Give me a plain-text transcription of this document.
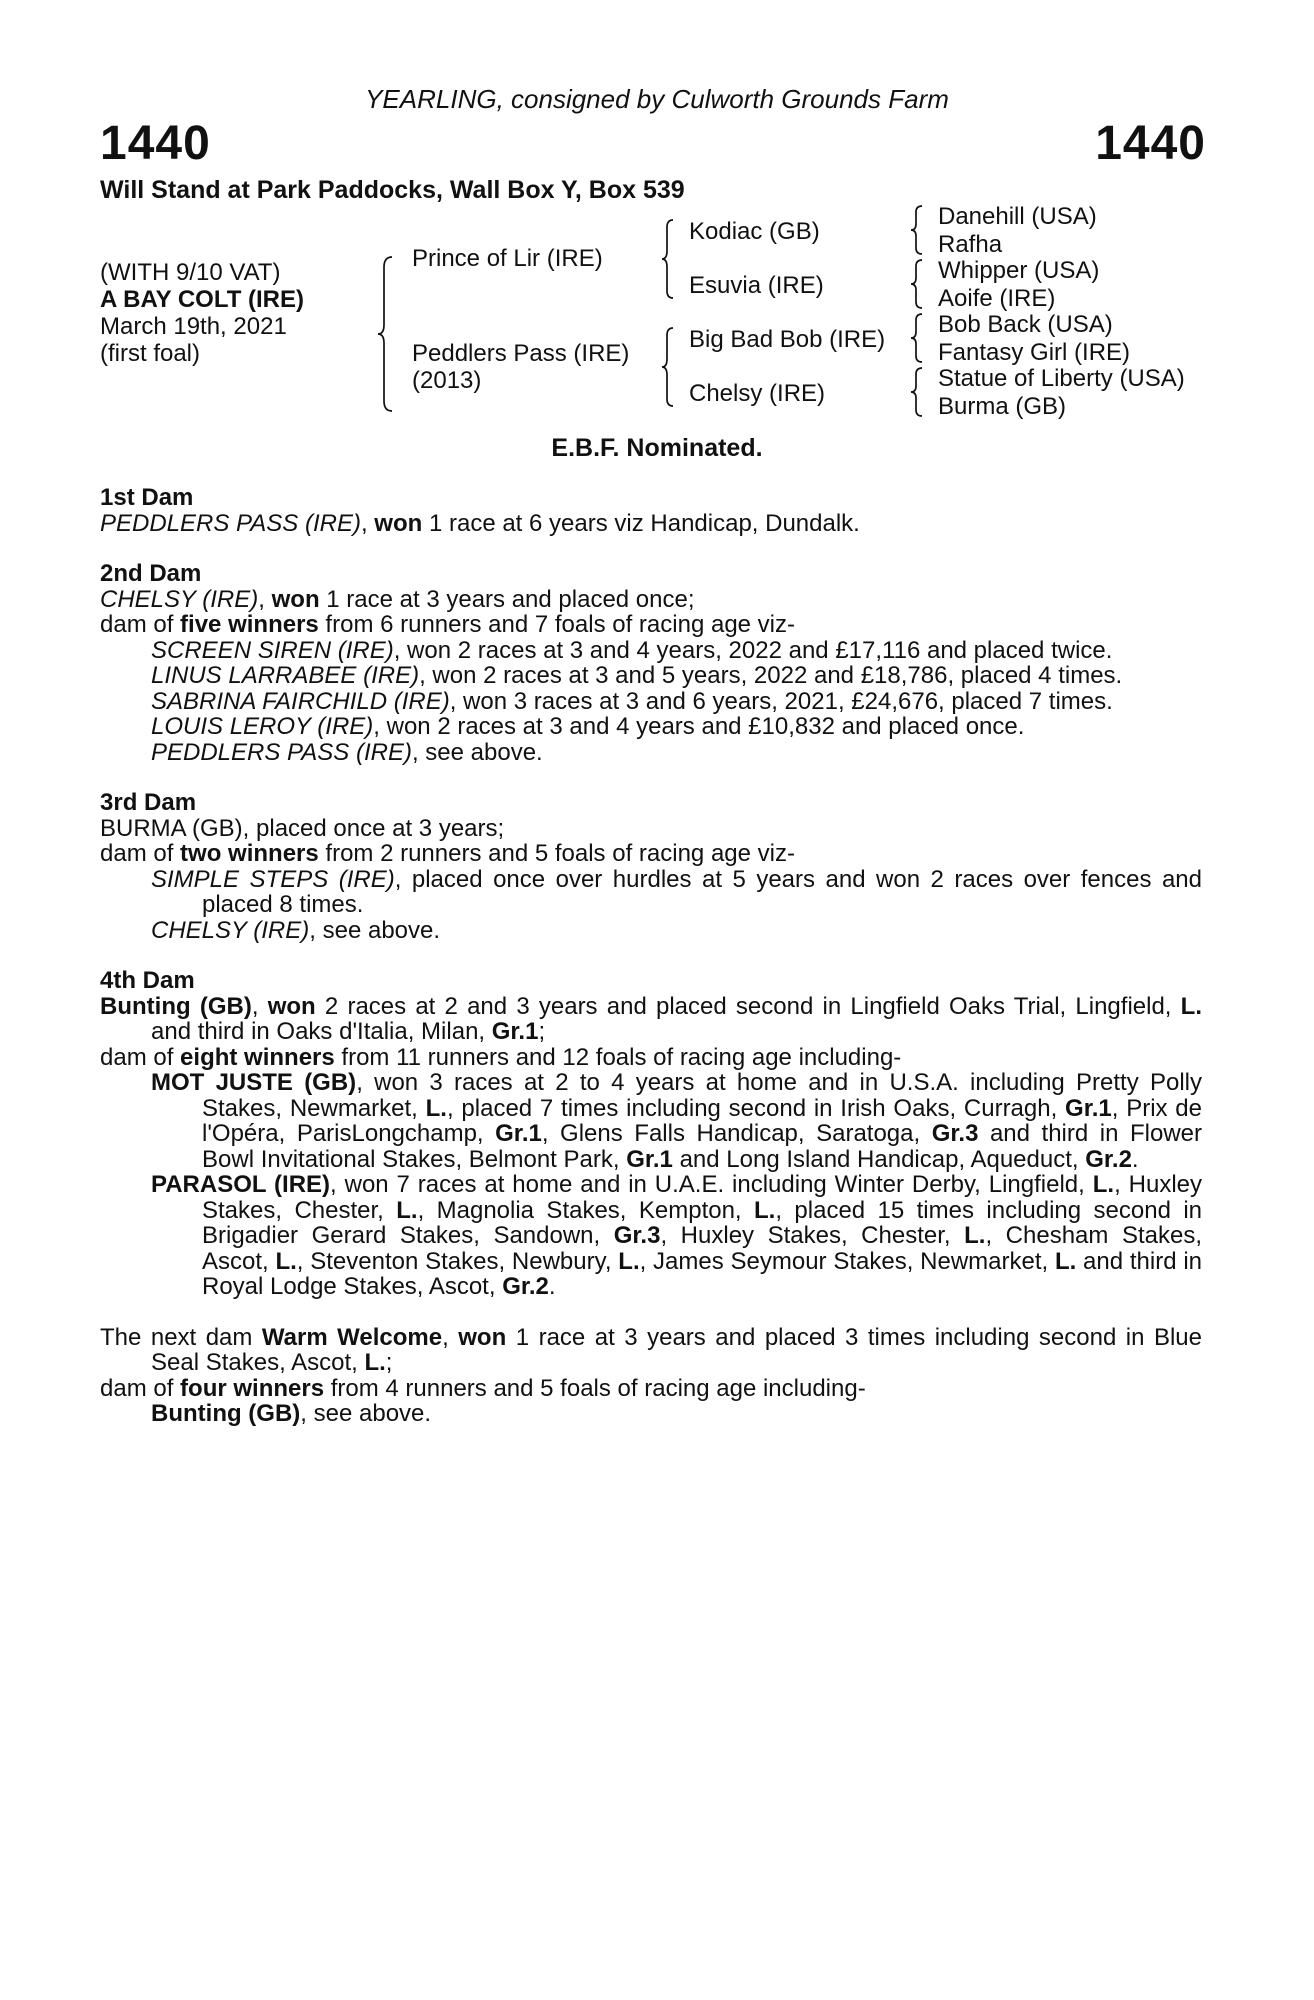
YEARLING, consigned by Culworth Grounds Farm
1440	1440
Will Stand at Park Paddocks, Wall Box Y, Box 539
(WITH 9/10 VAT)
A BAY COLT (IRE)
March 19th, 2021
(first foal)
Prince of Lir (IRE)
Peddlers Pass (IRE)
(2013)
Kodiac (GB)
Esuvia (IRE)
Big Bad Bob (IRE)
Chelsy (IRE)
Danehill (USA)
Rafha
Whipper (USA)
Aoife (IRE)
Bob Back (USA)
Fantasy Girl (IRE)
Statue of Liberty (USA)
Burma (GB)
E.B.F. Nominated.
1st Dam
PEDDLERS PASS (IRE), won 1 race at 6 years viz Handicap, Dundalk.
2nd Dam
CHELSY (IRE), won 1 race at 3 years and placed once;
dam of five winners from 6 runners and 7 foals of racing age viz-
SCREEN SIREN (IRE), won 2 races at 3 and 4 years, 2022 and £17,116 and placed twice.
LINUS LARRABEE (IRE), won 2 races at 3 and 5 years, 2022 and £18,786, placed 4 times.
SABRINA FAIRCHILD (IRE), won 3 races at 3 and 6 years, 2021, £24,676, placed 7 times.
LOUIS LEROY (IRE), won 2 races at 3 and 4 years and £10,832 and placed once.
PEDDLERS PASS (IRE), see above.
3rd Dam
BURMA (GB), placed once at 3 years;
dam of two winners from 2 runners and 5 foals of racing age viz-
SIMPLE STEPS (IRE), placed once over hurdles at 5 years and won 2 races over fences and placed 8 times.
CHELSY (IRE), see above.
4th Dam
Bunting (GB), won 2 races at 2 and 3 years and placed second in Lingfield Oaks Trial, Lingfield, L. and third in Oaks d'Italia, Milan, Gr.1;
dam of eight winners from 11 runners and 12 foals of racing age including-
MOT JUSTE (GB), won 3 races at 2 to 4 years at home and in U.S.A. including Pretty Polly Stakes, Newmarket, L., placed 7 times including second in Irish Oaks, Curragh, Gr.1, Prix de l'Opéra, ParisLongchamp, Gr.1, Glens Falls Handicap, Saratoga, Gr.3 and third in Flower Bowl Invitational Stakes, Belmont Park, Gr.1 and Long Island Handicap, Aqueduct, Gr.2.
PARASOL (IRE), won 7 races at home and in U.A.E. including Winter Derby, Lingfield, L., Huxley Stakes, Chester, L., Magnolia Stakes, Kempton, L., placed 15 times including second in Brigadier Gerard Stakes, Sandown, Gr.3, Huxley Stakes, Chester, L., Chesham Stakes, Ascot, L., Steventon Stakes, Newbury, L., James Seymour Stakes, Newmarket, L. and third in Royal Lodge Stakes, Ascot, Gr.2.
The next dam Warm Welcome, won 1 race at 3 years and placed 3 times including second in Blue Seal Stakes, Ascot, L.;
dam of four winners from 4 runners and 5 foals of racing age including-
Bunting (GB), see above.
